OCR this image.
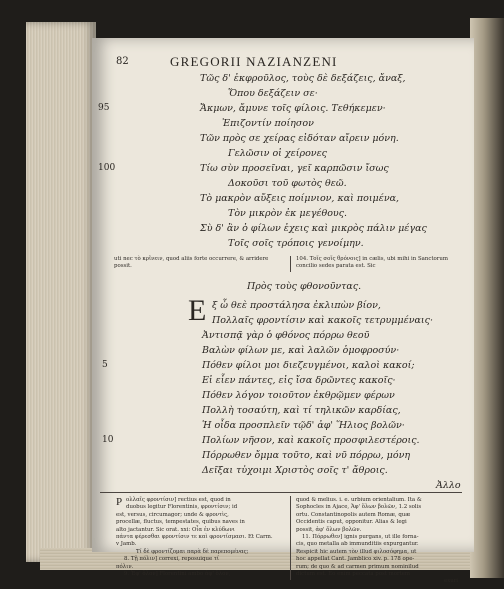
82	GREGORII NAZIANZENI
Τῶς δ' ἐκφροῦλος, τοὺς δὲ δεξάζεις, ἄναξ,
Ὅπου δεξάζειν σε·
95	Ἄκμων, ἄμυνε τοῖς φίλοις. Τεθήκεμεν·
Ἐπιζοντίν ποίησον
Τῶν πρὸς σε χείρας εἰδόταν αἴρειν μόνη.
Γελῶσιν οἱ χείρονες
100	Τίω σὺν προσεῖναι, γεῖ καρπῶσιν ἴσως
Δοκοῦσι τοῦ φωτὸς θεῶ.
Τὸ μακρὸν αὔξεις ποίμνιον, καὶ ποιμένα,
Τὸν μικρὸν ἐκ μεγέθους.
Σὺ δ' ἂν ὁ φίλων ἐχεις καὶ μικρὸς πάλιν μέγας
Τοῖς σοῖς τρόποις γενοίμην.
uti nec τὸ κρῖνειν, quod aliis forte occurrere, & arridere possit.
104. Τοῖς σοῖς θρόνοις] in cælis, ubi mihi in Sanctorum concilio sedes parata est. Sic
Πρὸς τοὺς φθονοῦντας.
Ε ξ ὦ θεὲ προστάλησα ἐκλιπὼν βίον,
Πολλαῖς φροντίσιν καὶ κακοῖς τετρυμμέναις·
Ἀντισπᾷ γὰρ ὁ φθόνος πόρρω θεοῦ
Βαλὼν φίλων με, καὶ λαλῶν ὁμοφροσύν·
5	Πόθεν φίλοι μοι διεζευγμένοι, καλοὶ κακοί;
Εἰ εἶεν πάντες, εἰς ἴσα δρῶντες κακοῖς·
Πόθεν λόγον τοιοῦτον ἐκθρῷμεν φέρων
Πολλὴ τοσαύτη, καὶ τί τηλικῶν καρδίας,
Ἡ οἶδα προσπλεῖν τῷδ' ἀφ' Ἥλιος βολῶν·
10	Πολίων νῆσον, καὶ κακοῖς προσφιλεστέροις.
Πόρρωθεν ὄμμα τοῦτο, καὶ νῦ πόρρω, μόνη
Δεῖξαι τὐχοιμι Χριστὸς σοῖς τ' ἄθροις.
Ἀλλο
P ολλαῖς φροντίσιν] rectius est, quod in
duobus legitur Florentinis, φροντίσιν; id
est, versus, circumagor; unde & φροντὶς,
procellæ, fluctus, tempestates, quibus naves in
alto jactantur. Sic orat. xxi: Οἷα ἐν κλύδωνι
πάντα φέρεσθαι φροντίσιν τε καὶ φροντίσμασι. Et Carm.
v Jamb.
Τί δὲ φροντίζομαι παρὰ δὲ παρεπομένας;
8. Τῇ πόλιν] correxi, reposuique τί
πόλιν.
9. Ἐφ' ὅλον] Florentini ambo ἀφ' ὅλον,
quod & melius. i. e. urbium orientalium. Ita &
Sophocles in Ajace, Ἀφ' ὅλων βολῶν, 1.2 solis
ortu. Constantinopolis autem Romæ, quæ
Occidentis caput, opponitur. Alias & legi
possit, ἀφ' ὅλων βολῶν.
11. Πόρρωθεν] ignis purgans, ut ille forna-
cis, quo metalla ab immunditiis expurgantur.
Respicit hic autem τὸν illud φιλοσόφημα, ut
hoc appellat Cant. Jamblico xiv. p. 178 ope-
rum; de quo & ad carmen primum nominilud
dictum est. Eo enim peccata post mortem
exuri
